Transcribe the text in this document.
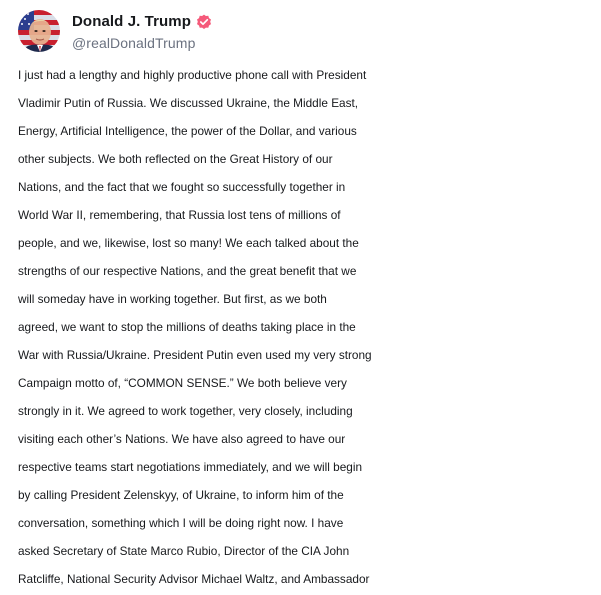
Donald J. Trump
@realDonaldTrump
I just had a lengthy and highly productive phone call with President
Vladimir Putin of Russia. We discussed Ukraine, the Middle East,
Energy, Artificial Intelligence, the power of the Dollar, and various
other subjects. We both reflected on the Great History of our
Nations, and the fact that we fought so successfully together in
World War II, remembering, that Russia lost tens of millions of
people, and we, likewise, lost so many! We each talked about the
strengths of our respective Nations, and the great benefit that we
will someday have in working together. But first, as we both
agreed, we want to stop the millions of deaths taking place in the
War with Russia/Ukraine. President Putin even used my very strong
Campaign motto of, “COMMON SENSE.” We both believe very
strongly in it. We agreed to work together, very closely, including
visiting each other’s Nations. We have also agreed to have our
respective teams start negotiations immediately, and we will begin
by calling President Zelenskyy, of Ukraine, to inform him of the
conversation, something which I will be doing right now. I have
asked Secretary of State Marco Rubio, Director of the CIA John
Ratcliffe, National Security Advisor Michael Waltz, and Ambassador
